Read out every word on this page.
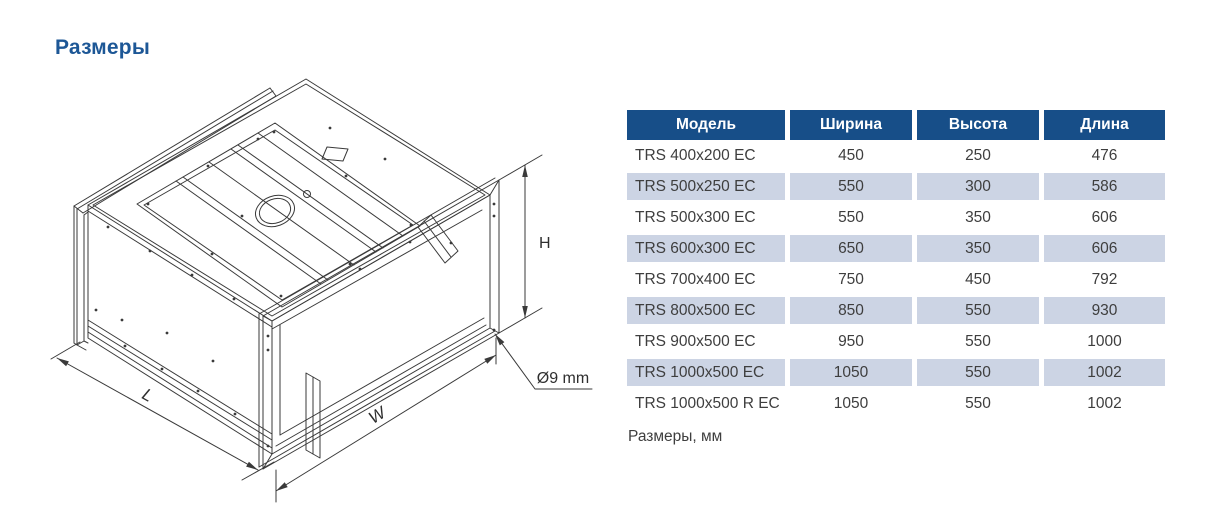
Размеры
L
W
H
Ø9 mm
Модель	Ширина	Высота	Длина
TRS 400x200 EC	450	250	476
TRS 500x250 EC	550	300	586
TRS 500x300 EC	550	350	606
TRS 600x300 EC	650	350	606
TRS 700x400 EC	750	450	792
TRS 800x500 EC	850	550	930
TRS 900x500 EC	950	550	1000
TRS 1000x500 EC	1050	550	1002
TRS 1000x500 R EC	1050	550	1002
Размеры, мм
